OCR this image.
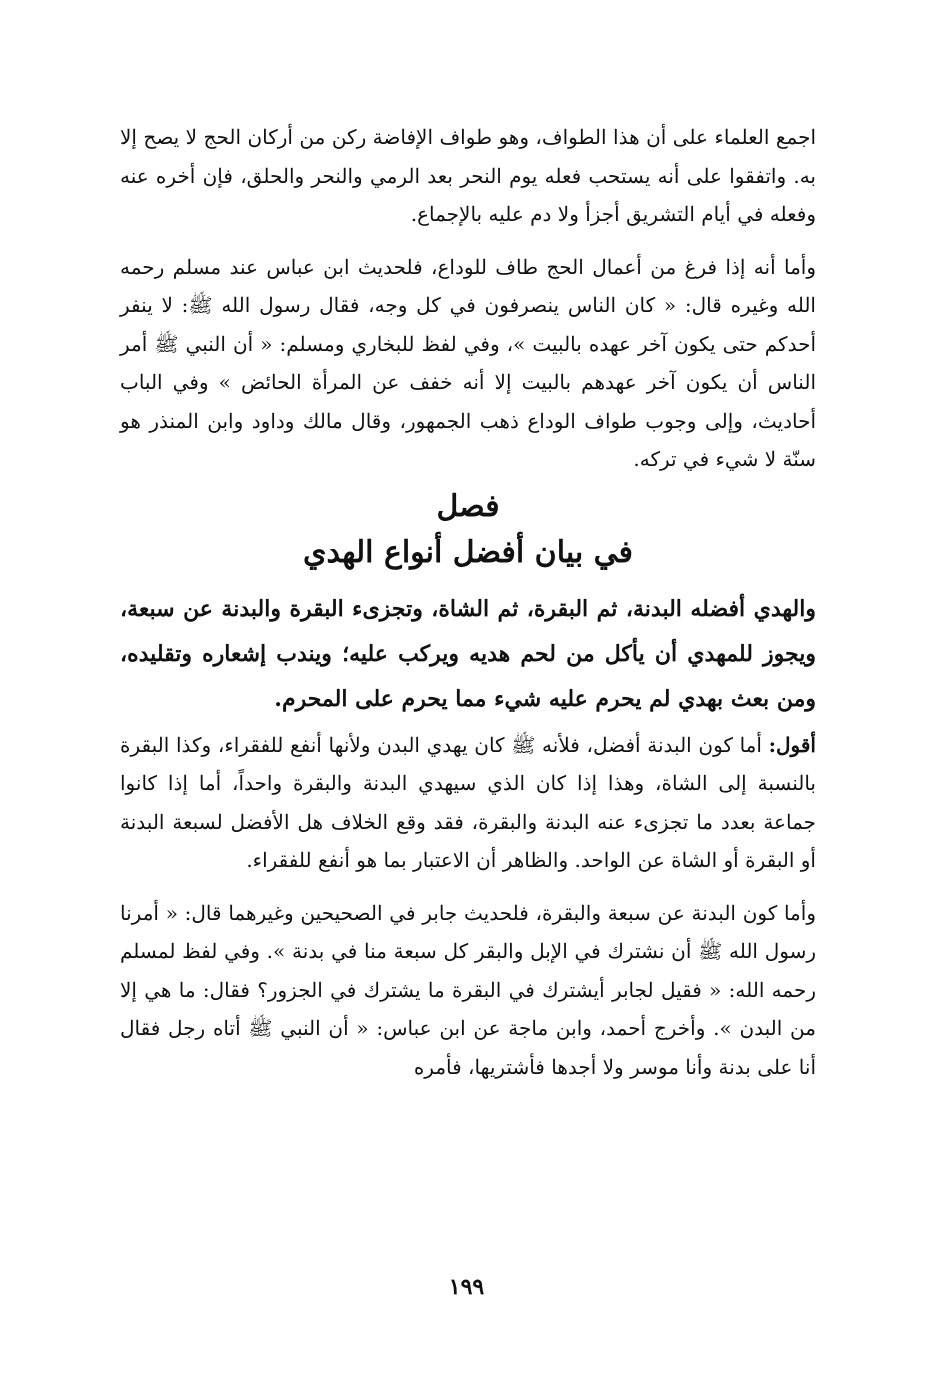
اجمع العلماء على أن هذا الطواف، وهو طواف الإفاضة ركن من أركان الحج لا يصح إلا به. واتفقوا على أنه يستحب فعله يوم النحر بعد الرمي والنحر والحلق، فإن أخره عنه وفعله في أيام التشريق أجزأ ولا دم عليه بالإجماع.

وأما أنه إذا فرغ من أعمال الحج طاف للوداع، فلحديث ابن عباس عند مسلم رحمه الله وغيره قال: « كان الناس ينصرفون في كل وجه، فقال رسول الله ﷺ: لا ينفر أحدكم حتى يكون آخر عهده بالبيت »، وفي لفظ للبخاري ومسلم: « أن النبي ﷺ أمر الناس أن يكون آخر عهدهم بالبيت إلا أنه خفف عن المرأة الحائض » وفي الباب أحاديث، وإلى وجوب طواف الوداع ذهب الجمهور، وقال مالك وداود وابن المنذر هو سنّة لا شيء في تركه.

فصل
في بيان أفضل أنواع الهدي

والهدي أفضله البدنة، ثم البقرة، ثم الشاة، وتجزىء البقرة والبدنة عن سبعة، ويجوز للمهدي أن يأكل من لحم هديه ويركب عليه؛ ويندب إشعاره وتقليده، ومن بعث بهدي لم يحرم عليه شيء مما يحرم على المحرم.

أقول: أما كون البدنة أفضل، فلأنه ﷺ كان يهدي البدن ولأنها أنفع للفقراء، وكذا البقرة بالنسبة إلى الشاة، وهذا إذا كان الذي سيهدي البدنة والبقرة واحداً، أما إذا كانوا جماعة بعدد ما تجزىء عنه البدنة والبقرة، فقد وقع الخلاف هل الأفضل لسبعة البدنة أو البقرة أو الشاة عن الواحد. والظاهر أن الاعتبار بما هو أنفع للفقراء.

وأما كون البدنة عن سبعة والبقرة، فلحديث جابر في الصحيحين وغيرهما قال: « أمرنا رسول الله ﷺ أن نشترك في الإبل والبقر كل سبعة منا في بدنة ». وفي لفظ لمسلم رحمه الله: « فقيل لجابر أيشترك في البقرة ما يشترك في الجزور؟ فقال: ما هي إلا من البدن ». وأخرج أحمد، وابن ماجة عن ابن عباس: « أن النبي ﷺ أتاه رجل فقال أنا على بدنة وأنا موسر ولا أجدها فأشتريها، فأمره

١٩٩
